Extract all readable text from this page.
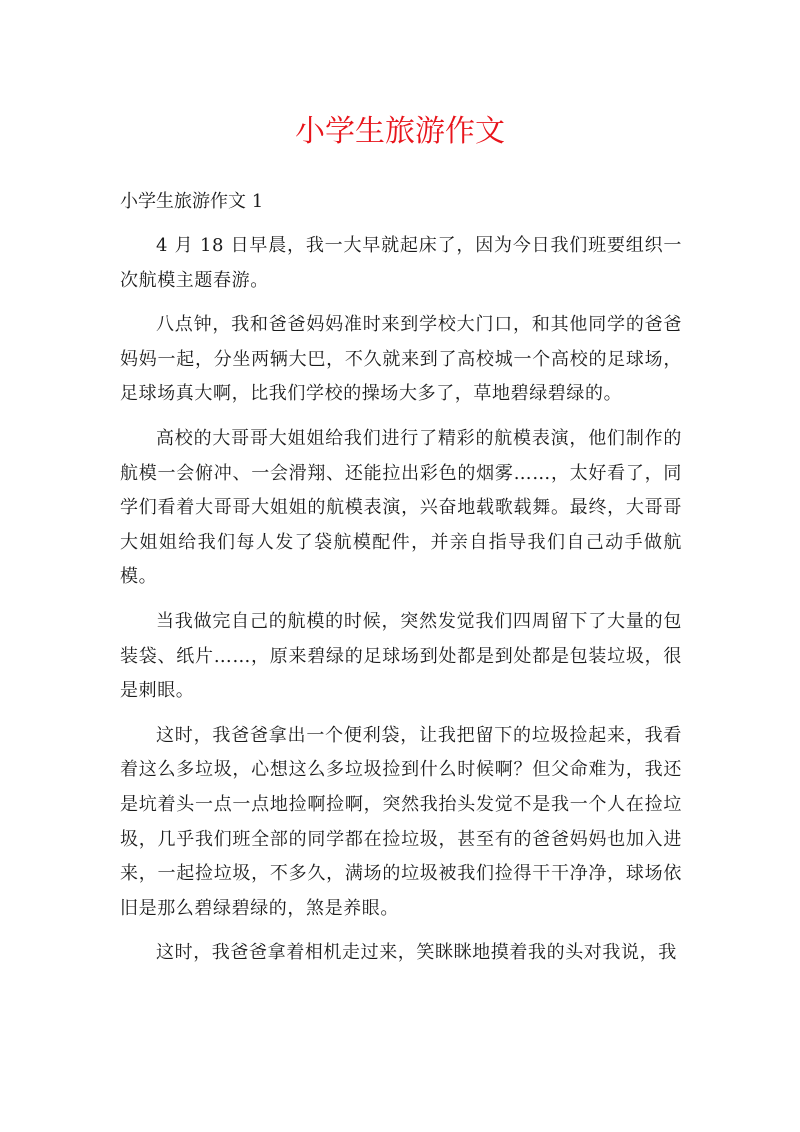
小学生旅游作文
小学生旅游作文 1

4 月 18 日早晨，我一大早就起床了，因为今日我们班要组织一次航模主题春游。

八点钟，我和爸爸妈妈准时来到学校大门口，和其他同学的爸爸妈妈一起，分坐两辆大巴，不久就来到了高校城一个高校的足球场，足球场真大啊，比我们学校的操场大多了，草地碧绿碧绿的。

高校的大哥哥大姐姐给我们进行了精彩的航模表演，他们制作的航模一会俯冲、一会滑翔、还能拉出彩色的烟雾……，太好看了，同学们看着大哥哥大姐姐的航模表演，兴奋地载歌载舞。最终，大哥哥大姐姐给我们每人发了袋航模配件，并亲自指导我们自己动手做航模。

当我做完自己的航模的时候，突然发觉我们四周留下了大量的包装袋、纸片……，原来碧绿的足球场到处都是到处都是包装垃圾，很是刺眼。

这时，我爸爸拿出一个便利袋，让我把留下的垃圾捡起来，我看着这么多垃圾，心想这么多垃圾捡到什么时候啊？但父命难为，我还是坑着头一点一点地捡啊捡啊，突然我抬头发觉不是我一个人在捡垃圾，几乎我们班全部的同学都在捡垃圾，甚至有的爸爸妈妈也加入进来，一起捡垃圾，不多久，满场的垃圾被我们捡得干干净净，球场依旧是那么碧绿碧绿的，煞是养眼。

这时，我爸爸拿着相机走过来，笑眯眯地摸着我的头对我说，我
